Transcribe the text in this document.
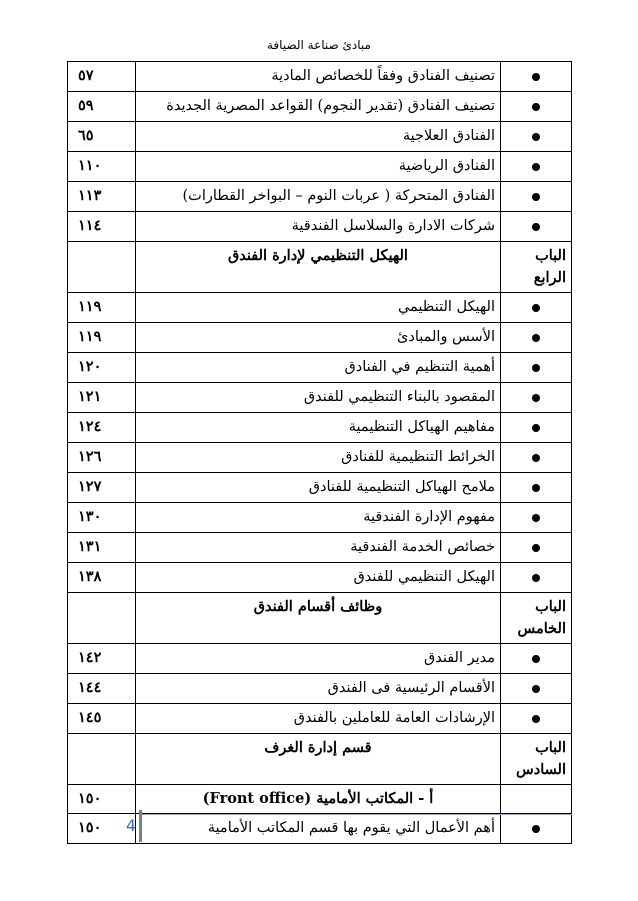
مبادئ صناعة الضيافة
	تصنيف الفنادق وفقاً للخصائص المادية	٥٧
	تصنيف الفنادق (تقدير النجوم) القواعد المصرية الجديدة	٥٩
	الفنادق العلاجية	٦٥
	الفنادق الرياضية	١١٠
	الفنادق المتحركة ( عربات النوم – البواخر القطارات)	١١٣
	شركات الادارة والسلاسل الفندقية	١١٤
الباب الرابع	الهيكل التنظيمي لإدارة الفندق	
	الهيكل التنظيمي	١١٩
	الأسس والمبادئ	١١٩
	أهمية التنظيم في الفنادق	١٢٠
	المقصود بالبناء التنظيمي للفندق	١٢١
	مفاهيم الهياكل التنظيمية	١٢٤
	الخرائط التنظيمية للفنادق	١٢٦
	ملامح الهياكل التنظيمية للفنادق	١٢٧
	مفهوم الإدارة الفندقية	١٣٠
	خصائص الخدمة الفندقية	١٣١
	الهيكل التنظيمي للفندق	١٣٨
الباب الخامس	وظائف أقسام الفندق	
	مدير الفندق	١٤٢
	الأقسام الرئيسية فى الفندق	١٤٤
	الإرشادات العامة للعاملين بالفندق	١٤٥
الباب السادس	قسم إدارة الغرف	
	أ - المكاتب الأمامية (Front office)	١٥٠
	أهم الأعمال التي يقوم بها قسم المكاتب الأمامية	١٥٠	4
